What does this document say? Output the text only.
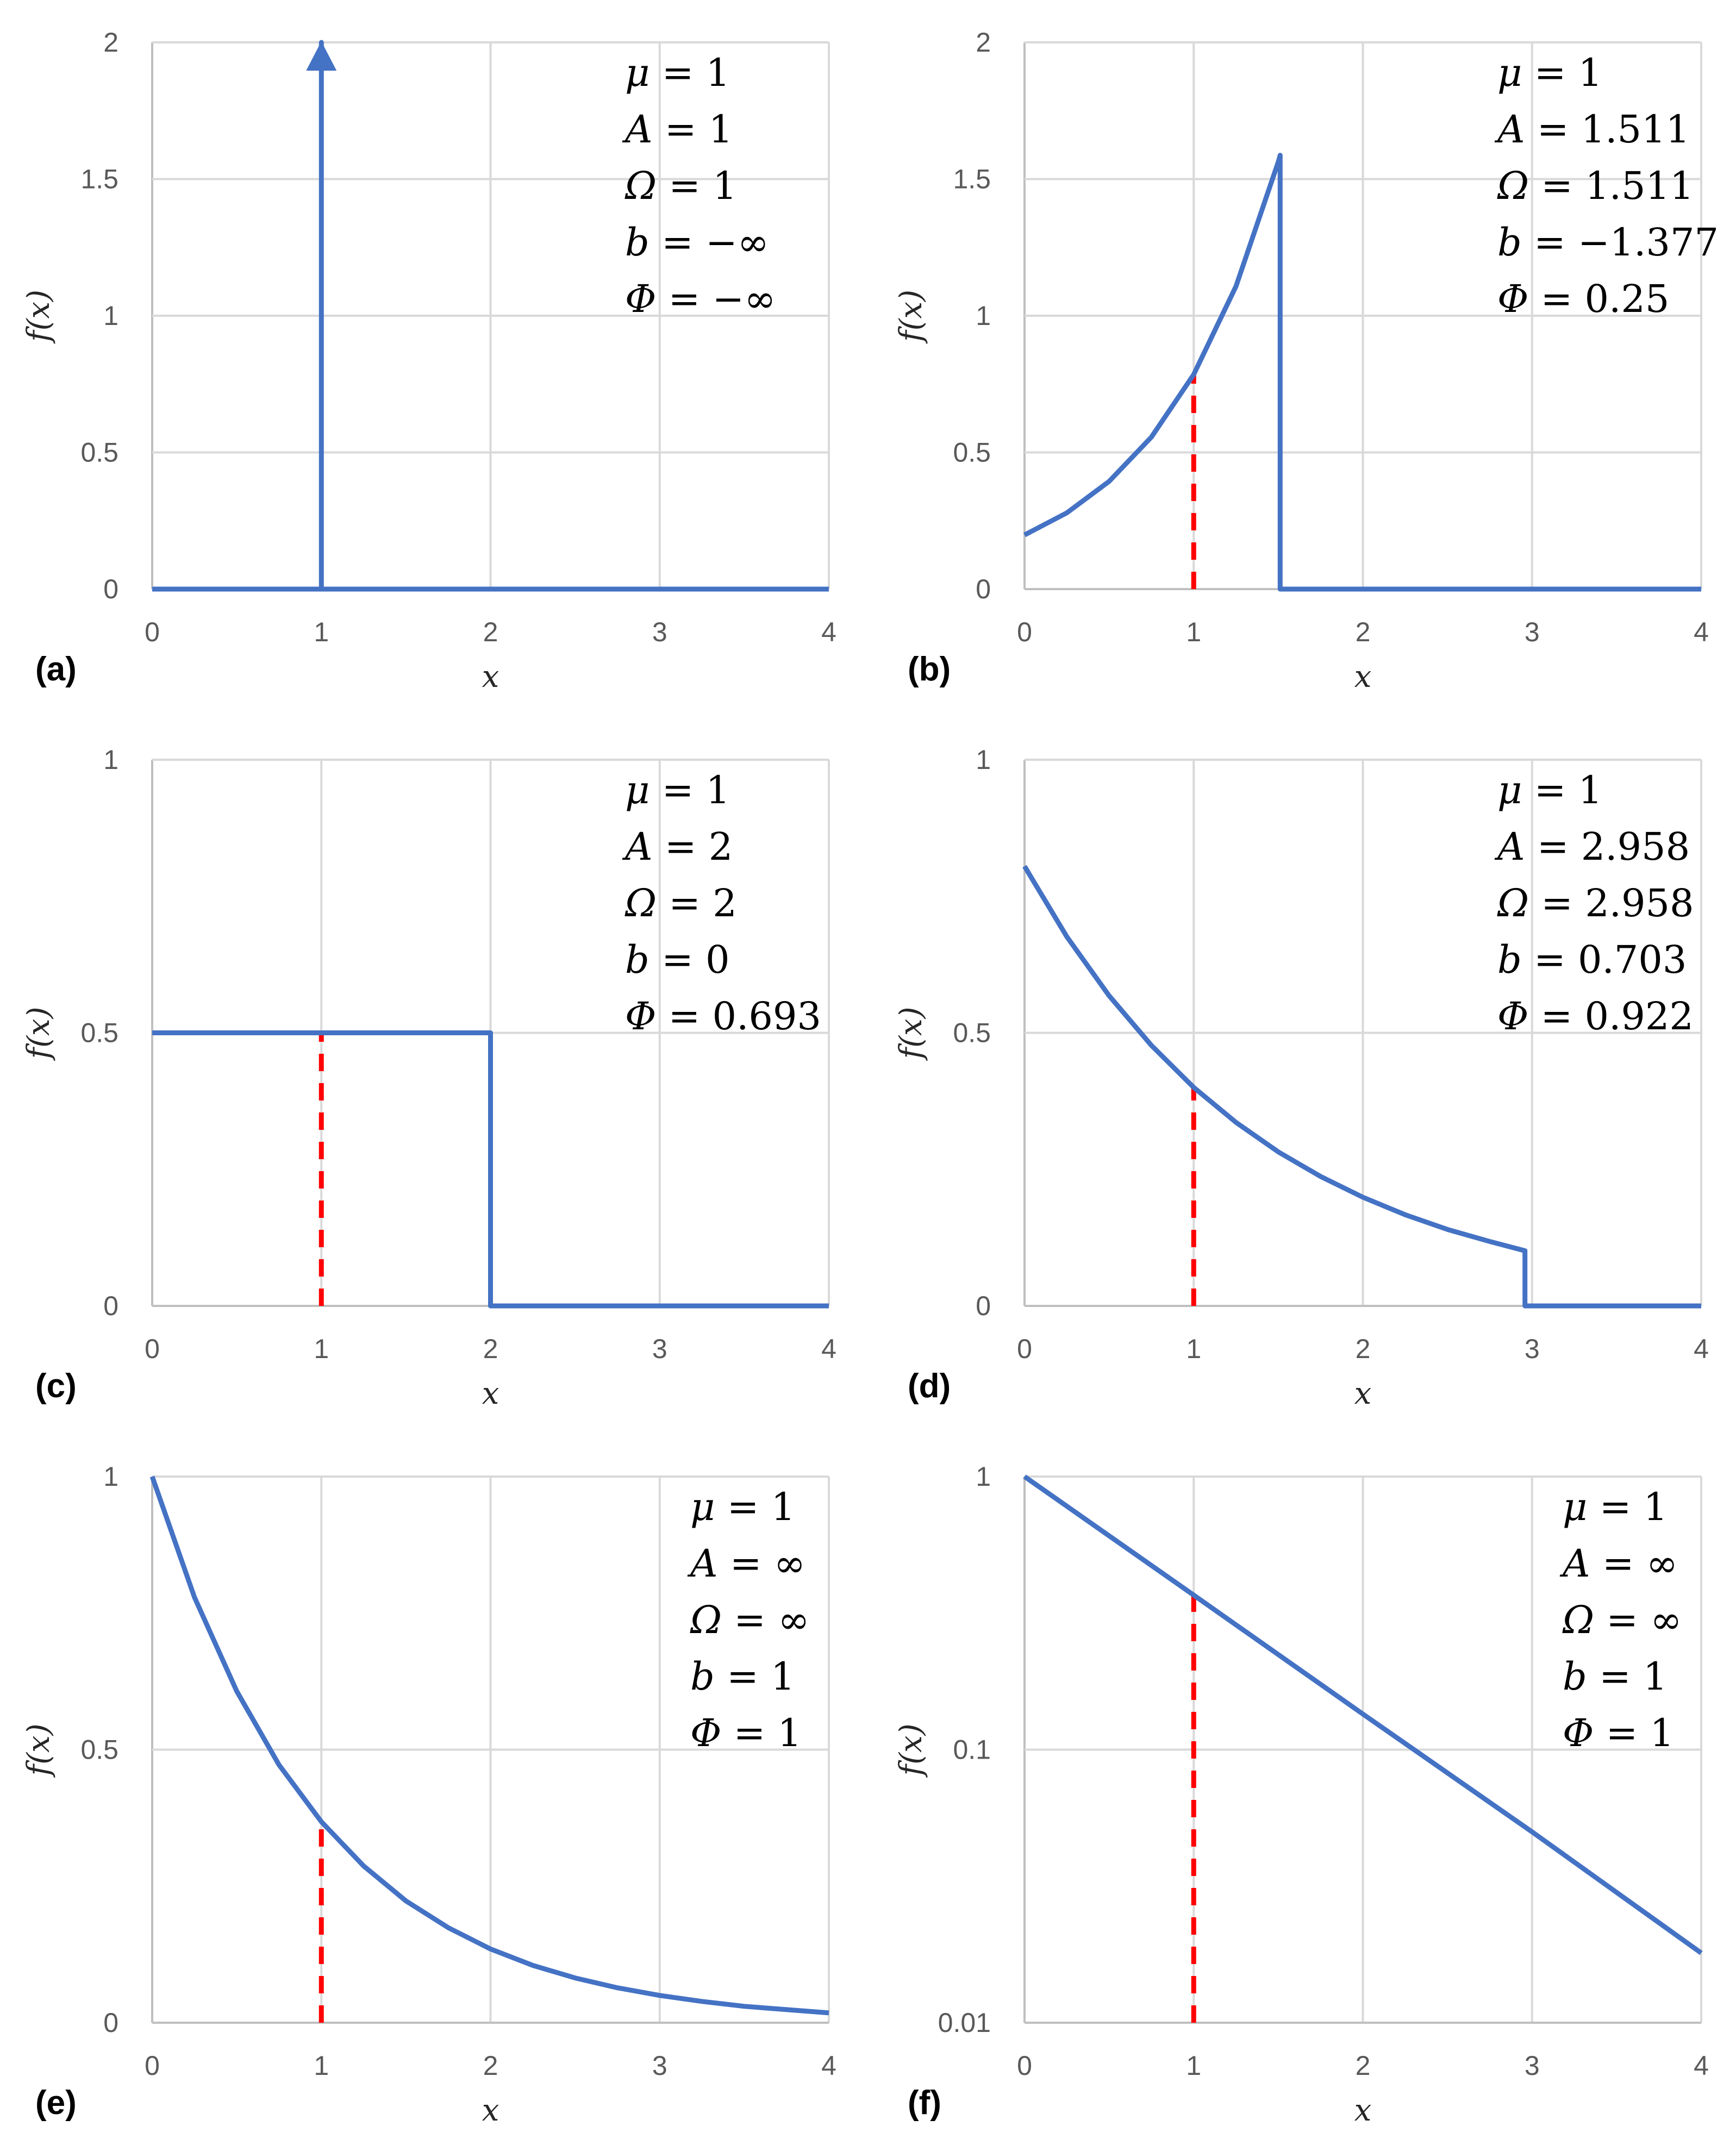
0	1	2	3	4
0
0.5
1
1.5
2
x
f(x)
(a)
μ = 1
A = 1
Ω = 1
b = −∞
Φ = −∞
0	1	2	3	4
0
0.5
1
1.5
2
x
f(x)
(b)
μ = 1
A = 1.511
Ω = 1.511
b = −1.377
Φ = 0.25
0	1	2	3	4
0
0.5
1
x
f(x)
(c)
μ = 1
A = 2
Ω = 2
b = 0
Φ = 0.693
0	1	2	3	4
0
0.5
1
x
f(x)
(d)
μ = 1
A = 2.958
Ω = 2.958
b = 0.703
Φ = 0.922
0	1	2	3	4
0
0.5
1
x
f(x)
(e)
μ = 1
A = ∞
Ω = ∞
b = 1
Φ = 1
0	1	2	3	4
0.01
0.1
1
x
f(x)
(f)
μ = 1
A = ∞
Ω = ∞
b = 1
Φ = 1
